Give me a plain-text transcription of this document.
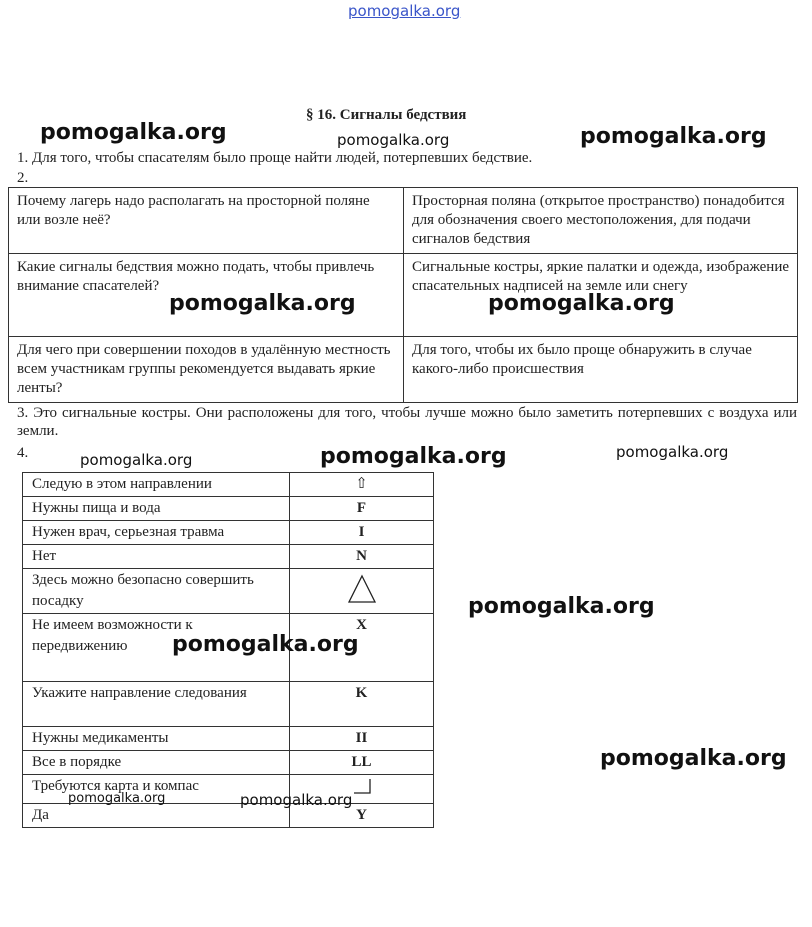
pomogalka.org
pomogalka.org	pomogalka.org	pomogalka.org
§ 16. Сигналы бедствия
1. Для того, чтобы спасателям было проще найти людей, потерпевших бедствие.
2.
Почему лагерь надо располагать на просторной поляне или возле неё?	Просторная поляна (открытое пространство) понадобится для обозначения своего местоположения, для подачи сигналов бедствия
Какие сигналы бедствия можно подать, чтобы привлечь внимание спасателей?	Сигнальные костры, яркие палатки и одежда, изображение спасательных надписей на земле или снегу
Для чего при совершении походов в удалённую местность всем участникам группы рекомендуется выдавать яркие ленты?	Для того, чтобы их было проще обнаружить в случае какого-либо происшествия
pomogalka.org	pomogalka.org
3. Это сигнальные костры. Они расположены для того, чтобы лучше можно было заметить потерпевших с воздуха или земли.
4.	pomogalka.org	pomogalka.org	pomogalka.org
Следую в этом направлении	⇧
Нужны пища и вода	F
Нужен врач, серьезная травма	I
Нет	N
Здесь можно безопасно совершить посадку	
Не имеем возможности к передвижению	X
Укажите направление следования	K
Нужны медикаменты	II
Все в порядке	LL
Требуются карта и компас	
Да	Y
pomogalka.org
pomogalka.org
pomogalka.org
pomogalka.org	pomogalka.org
